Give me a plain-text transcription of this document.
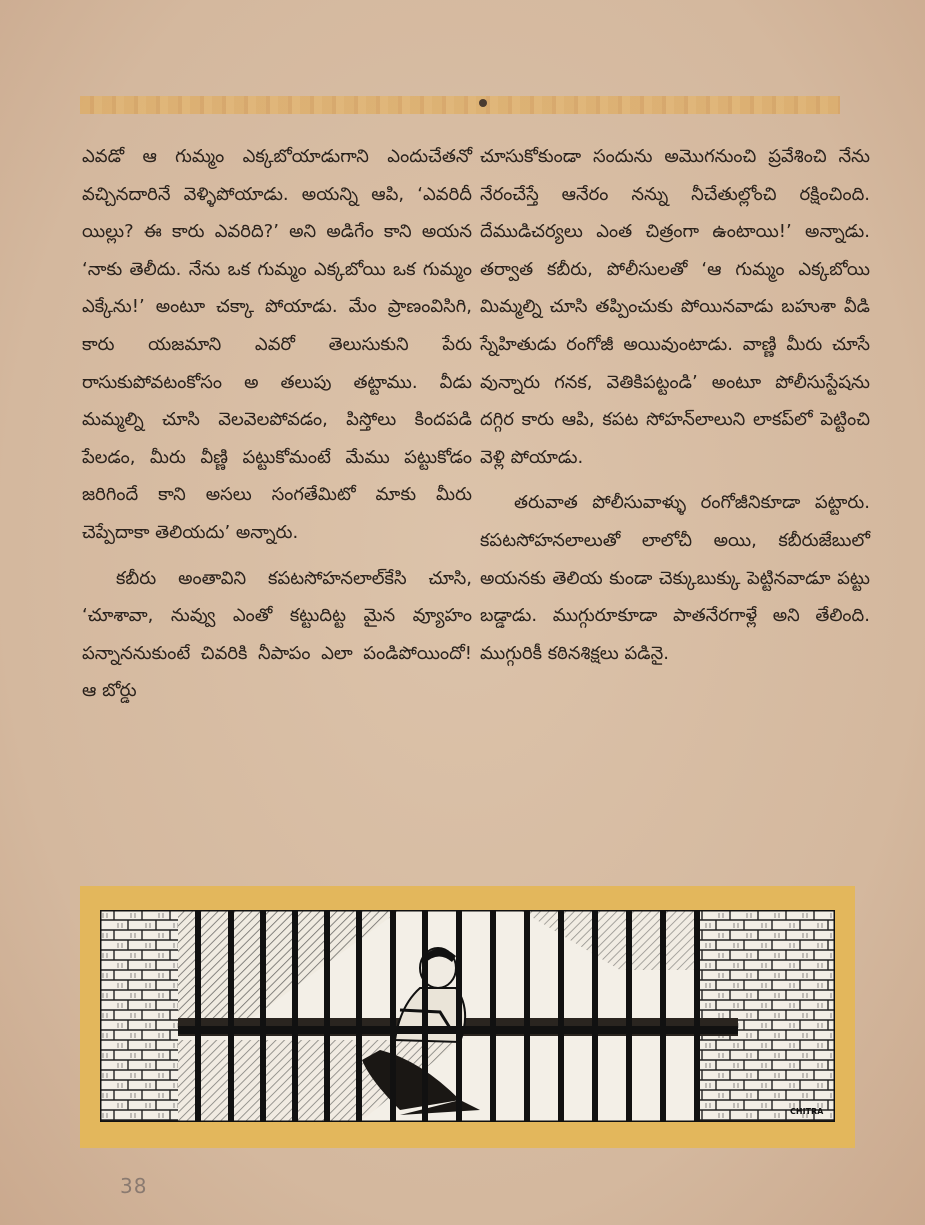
ఎవడో ఆ గుమ్మం ఎక్కబోయాడుగాని ఎందుచేతనో వచ్చినదారినే వెళ్ళిపోయాడు. అయన్ని ఆపి, ‘ఎవరిదీ యిల్లు? ఈ కారు ఎవరిది?’ అని అడిగేం కాని అయన ‘నాకు తెలీదు. నేను ఒక గుమ్మం ఎక్కబోయి ఒక గుమ్మం ఎక్కేను!’ అంటూ చక్కా పోయాడు. మేం ప్రాణంవిసిగి, కారు యజమాని ఎవరో తెలుసుకుని పేరు రాసుకుపోవటంకోసం అ తలుపు తట్టాము. వీడు మమ్మల్ని చూసి వెలవెలపోవడం, పిస్తోలు కిందపడి పేలడం, మీరు వీణ్ణి పట్టుకోమంటే మేము పట్టుకోడం జరిగిందే కాని అసలు సంగతేమిటో మాకు మీరు చెప్పేదాకా తెలియదు’ అన్నారు.

కబీరు అంతావిని కపటసోహనలాల్‌కేసి చూసి, ‘చూశావా, నువ్వు ఎంతో కట్టుదిట్ట మైన వ్యూహం పన్నాననుకుంటే చివరికి నీపాపం ఎలా పండిపోయిందో! ఆ బోర్డు

చూసుకోకుండా సందును అమొగనుంచి ప్రవేశించి నేను నేరంచేస్తే ఆనేరం నన్ను నీచేతుల్లోంచి రక్షించింది. దేముడిచర్యలు ఎంత చిత్రంగా ఉంటాయి!’ అన్నాడు. తర్వాత కబీరు, పోలీసులతో ‘ఆ గుమ్మం ఎక్కబోయి మిమ్మల్ని చూసి తప్పించుకు పోయినవాడు బహుశా వీడి స్నేహితుడు రంగోజీ అయివుంటాడు. వాణ్ణి మీరు చూసే వున్నారు గనక, వెతికిపట్టండి’ అంటూ పోలీసుస్టేషను దగ్గిర కారు ఆపి, కపట సోహన్‌లాలుని లాకప్‌లో పెట్టించి వెళ్లి పోయాడు.

తరువాత పోలీసువాళ్ళు రంగోజీనికూడా పట్టారు. కపటసోహనలాలుతో లాలోచీ అయి, కబీరుజేబులో అయనకు తెలియ కుండా చెక్కుబుక్కు పెట్టినవాడూ పట్టు బడ్డాడు. ముగ్గురూకూడా పాతనేరగాళ్లే అని తేలింది. ముగ్గురికీ కఠినశిక్షలు పడినై.

CHITRA
38
